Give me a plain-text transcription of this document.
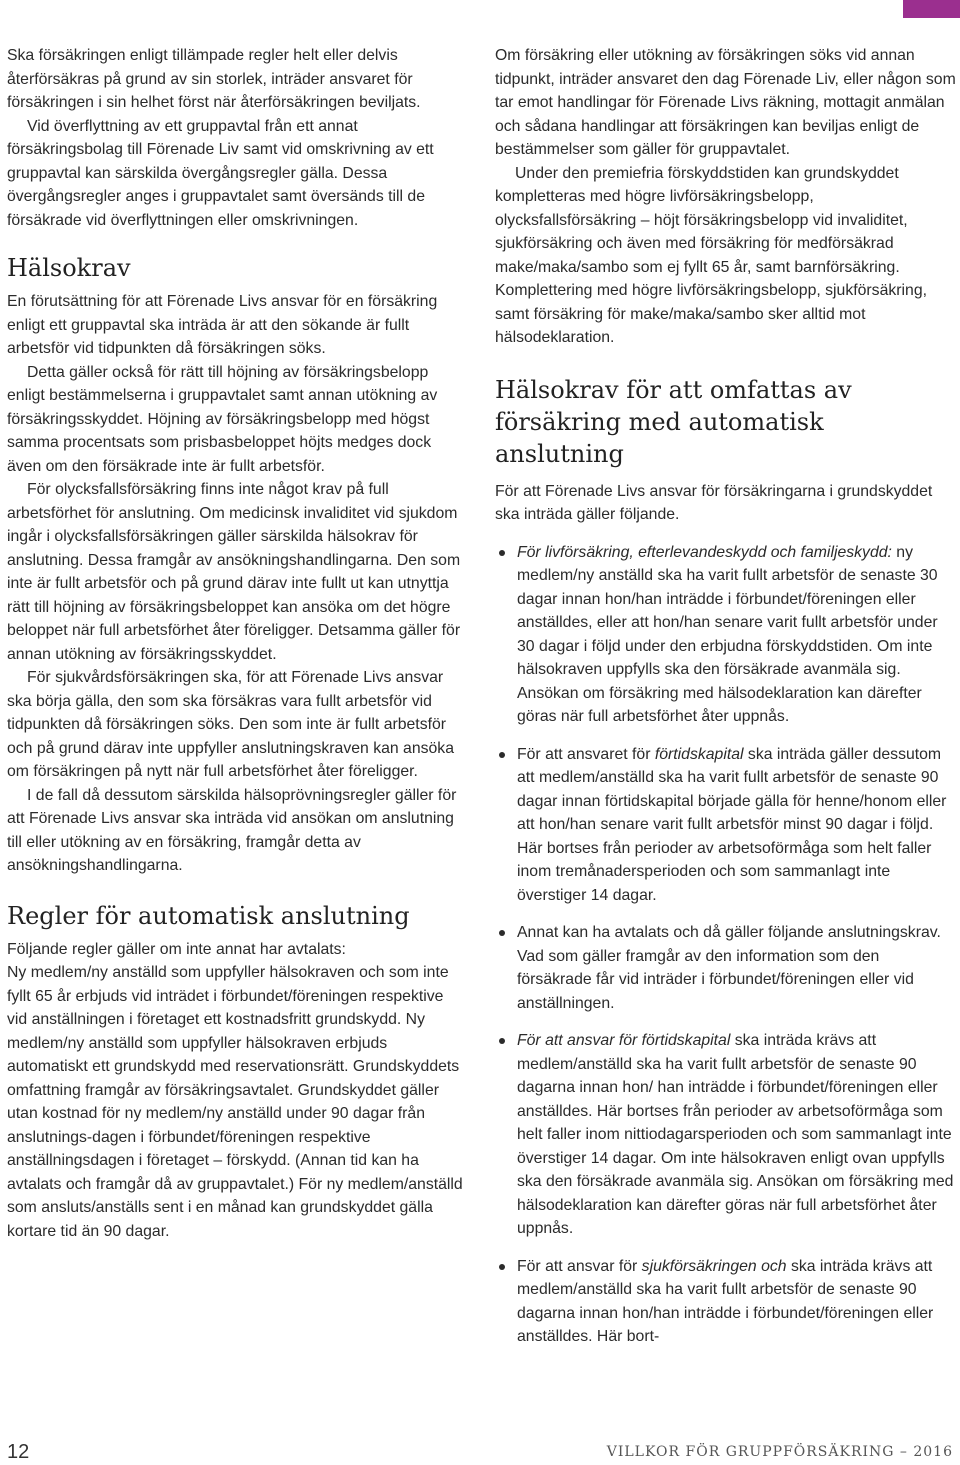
Ska försäkringen enligt tillämpade regler helt eller delvis återförsäkras på grund av sin storlek, inträder ansvaret för försäkringen i sin helhet först när återförsäkringen beviljats.

Vid överflyttning av ett gruppavtal från ett annat försäkringsbolag till Förenade Liv samt vid omskrivning av ett gruppavtal kan särskilda övergångsregler gälla. Dessa övergångsregler anges i gruppavtalet samt översänds till de försäkrade vid överflyttningen eller omskrivningen.

Hälsokrav

En förutsättning för att Förenade Livs ansvar för en försäkring enligt ett gruppavtal ska inträda är att den sökande är fullt arbetsför vid tidpunkten då försäkringen söks.

Detta gäller också för rätt till höjning av försäkringsbelopp enligt bestämmelserna i gruppavtalet samt annan utökning av försäkringsskyddet. Höjning av försäkringsbelopp med högst samma procentsats som prisbasbeloppet höjts medges dock även om den försäkrade inte är fullt arbetsför.

För olycksfallsförsäkring finns inte något krav på full arbetsförhet för anslutning. Om medicinsk invaliditet vid sjukdom ingår i olycksfallsförsäkringen gäller särskilda hälsokrav för anslutning. Dessa framgår av ansökningshandlingarna. Den som inte är fullt arbetsför och på grund därav inte fullt ut kan utnyttja rätt till höjning av försäkringsbeloppet kan ansöka om det högre beloppet när full arbetsförhet åter föreligger. Detsamma gäller för annan utökning av försäkringsskyddet.

För sjukvårdsförsäkringen ska, för att Förenade Livs ansvar ska börja gälla, den som ska försäkras vara fullt arbetsför vid tidpunkten då försäkringen söks. Den som inte är fullt arbetsför och på grund därav inte uppfyller anslutningskraven kan ansöka om försäkringen på nytt när full arbetsförhet åter föreligger.

I de fall då dessutom särskilda hälsoprövningsregler gäller för att Förenade Livs ansvar ska inträda vid ansökan om anslutning till eller utökning av en försäkring, framgår detta av ansökningshandlingarna.

Regler för automatisk anslutning

Följande regler gäller om inte annat har avtalats:

Ny medlem/ny anställd som uppfyller hälsokraven och som inte fyllt 65 år erbjuds vid inträdet i förbundet/föreningen respektive vid anställningen i företaget ett kostnadsfritt grundskydd. Ny medlem/ny anställd som uppfyller hälsokraven erbjuds automatiskt ett grundskydd med reservationsrätt. Grundskyddets omfattning framgår av försäkringsavtalet. Grundskyddet gäller utan kostnad för ny medlem/ny anställd under 90 dagar från anslutnings-dagen i förbundet/föreningen respektive anställningsdagen i företaget – förskydd. (Annan tid kan ha avtalats och framgår då av gruppavtalet.) För ny medlem/anställd som ansluts/anställs sent i en månad kan grundskyddet gälla kortare tid än 90 dagar.

Om försäkring eller utökning av försäkringen söks vid annan tidpunkt, inträder ansvaret den dag Förenade Liv, eller någon som tar emot handlingar för Förenade Livs räkning, mottagit anmälan och sådana handlingar att försäkringen kan beviljas enligt de bestämmelser som gäller för gruppavtalet.

Under den premiefria förskyddstiden kan grundskyddet kompletteras med högre livförsäkringsbelopp, olycksfallsförsäkring – höjt försäkringsbelopp vid invaliditet, sjukförsäkring och även med försäkring för medförsäkrad make/maka/sambo som ej fyllt 65 år, samt barnförsäkring. Komplettering med högre livförsäkringsbelopp, sjukförsäkring, samt försäkring för make/maka/sambo sker alltid mot hälsodeklaration.

Hälsokrav för att omfattas av försäkring med automatisk anslutning

För att Förenade Livs ansvar för försäkringarna i grundskyddet ska inträda gäller följande.

För livförsäkring, efterlevandeskydd och familjeskydd: ny medlem/ny anställd ska ha varit fullt arbetsför de senaste 30 dagar innan hon/han inträdde i förbundet/föreningen eller anställdes, eller att hon/han senare varit fullt arbetsför under 30 dagar i följd under den erbjudna förskyddstiden. Om inte hälsokraven uppfylls ska den försäkrade avanmäla sig. Ansökan om försäkring med hälsodeklaration kan därefter göras när full arbetsförhet åter uppnås.
För att ansvaret för förtidskapital ska inträda gäller dessutom att medlem/anställd ska ha varit fullt arbetsför de senaste 90 dagar innan förtidskapital började gälla för henne/honom eller att hon/han senare varit fullt arbetsför minst 90 dagar i följd. Här bortses från perioder av arbetsoförmåga som helt faller inom tremånadersperioden och som sammanlagt inte överstiger 14 dagar.
Annat kan ha avtalats och då gäller följande anslutningskrav. Vad som gäller framgår av den information som den försäkrade får vid inträder i förbundet/föreningen eller vid anställningen.
För att ansvar för förtidskapital ska inträda krävs att medlem/anställd ska ha varit fullt arbetsför de senaste 90 dagarna innan hon/ han inträdde i förbundet/föreningen eller anställdes. Här bortses från perioder av arbetsoförmåga som helt faller inom nittiodagarsperioden och som sammanlagt inte överstiger 14 dagar. Om inte hälsokraven enligt ovan uppfylls ska den försäkrade avanmäla sig. Ansökan om försäkring med hälsodeklaration kan därefter göras när full arbetsförhet åter uppnås.
För att ansvar för sjukförsäkringen och ska inträda krävs att medlem/anställd ska ha varit fullt arbetsför de senaste 90 dagarna innan hon/han inträdde i förbundet/föreningen eller anställdes. Här bort-
12	VILLKOR FÖR GRUPPFÖRSÄKRING – 2016
